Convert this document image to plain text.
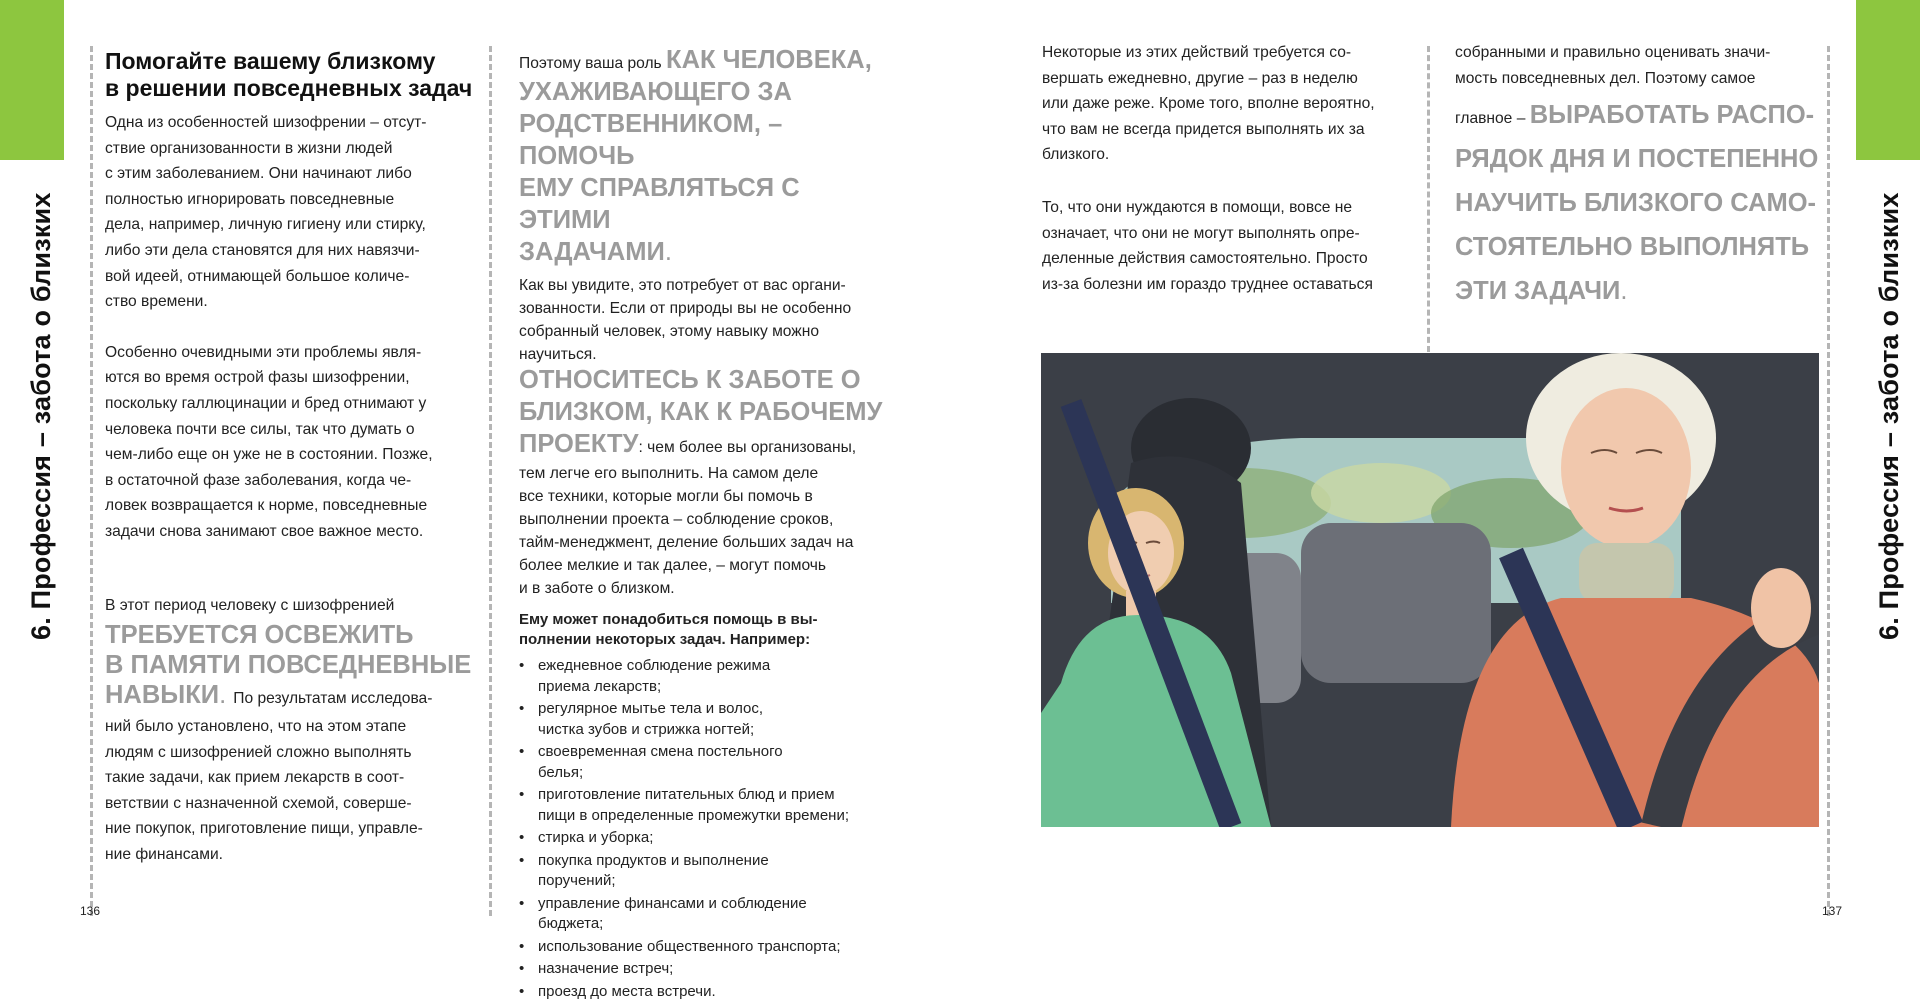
6. Профессия – забота о близких
136
Помогайте вашему близкому
в решении повседневных задач

Одна из особенностей шизофрении – отсут-
ствие организованности в жизни людей
с этим заболеванием. Они начинают либо
полностью игнорировать повседневные
дела, например, личную гигиену или стирку,
либо эти дела становятся для них навязчи-
вой идеей, отнимающей большое количе-
ство времени.

Особенно очевидными эти проблемы явля-
ются во время острой фазы шизофрении,
поскольку галлюцинации и бред отнимают у
человека почти все силы, так что думать о
чем-либо еще он уже не в состоянии. Позже,
в остаточной фазе заболевания, когда че-
ловек возвращается к норме, повседневные
задачи снова занимают свое важное место.

В этот период человеку с шизофренией

ТРЕБУЕТСЯ ОСВЕЖИТЬ
В ПАМЯТИ ПОВСЕДНЕВНЫЕ
НАВЫКИ. По результатам исследова-

ний было установлено, что на этом этапе
людям с шизофренией сложно выполнять
такие задачи, как прием лекарств в соот-
ветствии с назначенной схемой, соверше-
ние покупок, приготовление пищи, управле-
ние финансами.

Поэтому ваша роль КАК ЧЕЛОВЕКА,
УХАЖИВАЮЩЕГО ЗА
РОДСТВЕННИКОМ, – ПОМОЧЬ
ЕМУ СПРАВЛЯТЬСЯ С ЭТИМИ
ЗАДАЧАМИ.

Как вы увидите, это потребует от вас органи-
зованности. Если от природы вы не особенно
собранный человек, этому навыку можно
научиться.

ОТНОСИТЕСЬ К ЗАБОТЕ О
БЛИЗКОМ, КАК К РАБОЧЕМУ
ПРОЕКТУ: чем более вы организованы,

тем легче его выполнить. На самом деле
все техники, которые могли бы помочь в
выполнении проекта – соблюдение сроков,
тайм-менеджмент, деление больших задач на
более мелкие и так далее, – могут помочь
и в заботе о близком.

Ему может понадобиться помощь в вы-
полнении некоторых задач. Например:

• ежедневное соблюдение режима
приема лекарств;
• регулярное мытье тела и волос,
чистка зубов и стрижка ногтей;
• своевременная смена постельного
белья;
• приготовление питательных блюд и прием
пищи в определенные промежутки времени;
• стирка и уборка;
• покупка продуктов и выполнение
поручений;
• управление финансами и соблюдение
бюджета;
• использование общественного транспорта;
• назначение встреч;
• проезд до места встречи.
6. Профессия – забота о близких
137

Некоторые из этих действий требуется со-
вершать ежедневно, другие – раз в неделю
или даже реже. Кроме того, вполне вероятно,
что вам не всегда придется выполнять их за
близкого.

То, что они нуждаются в помощи, вовсе не
означает, что они не могут выполнять опре-
деленные действия самостоятельно. Просто
из-за болезни им гораздо труднее оставаться

собранными и правильно оценивать значи-
мость повседневных дел. Поэтому самое

главное – ВЫРАБОТАТЬ РАСПО-
РЯДОК ДНЯ И ПОСТЕПЕННО
НАУЧИТЬ БЛИЗКОГО САМО-
СТОЯТЕЛЬНО ВЫПОЛНЯТЬ
ЭТИ ЗАДАЧИ.
